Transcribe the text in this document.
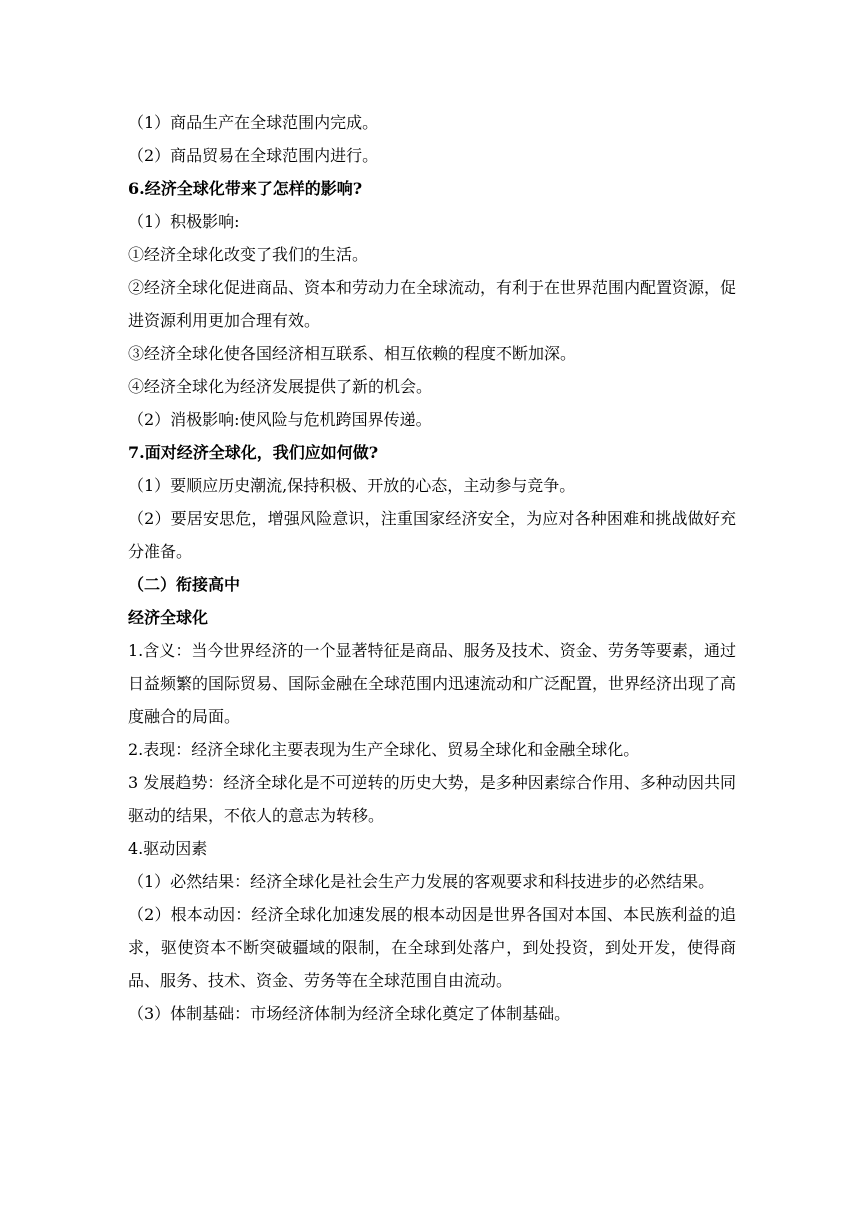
（1）商品生产在全球范围内完成。

（2）商品贸易在全球范围内进行。

6.经济全球化带来了怎样的影响?

（1）积极影响:

①经济全球化改变了我们的生活。

②经济全球化促进商品、资本和劳动力在全球流动，有利于在世界范围内配置资源，促进资源利用更加合理有效。

③经济全球化使各国经济相互联系、相互依赖的程度不断加深。

④经济全球化为经济发展提供了新的机会。

（2）消极影响:使风险与危机跨国界传递。

7.面对经济全球化，我们应如何做?

（1）要顺应历史潮流,保持积极、开放的心态，主动参与竞争。

（2）要居安思危，增强风险意识，注重国家经济安全，为应对各种困难和挑战做好充分准备。

（二）衔接高中

经济全球化

1.含义：当今世界经济的一个显著特征是商品、服务及技术、资金、劳务等要素，通过日益频繁的国际贸易、国际金融在全球范围内迅速流动和广泛配置，世界经济出现了高度融合的局面。

2.表现：经济全球化主要表现为生产全球化、贸易全球化和金融全球化。

3 发展趋势：经济全球化是不可逆转的历史大势，是多种因素综合作用、多种动因共同驱动的结果，不依人的意志为转移。

4.驱动因素

（1）必然结果：经济全球化是社会生产力发展的客观要求和科技进步的必然结果。

（2）根本动因：经济全球化加速发展的根本动因是世界各国对本国、本民族利益的追求，驱使资本不断突破疆域的限制，在全球到处落户，到处投资，到处开发，使得商品、服务、技术、资金、劳务等在全球范围自由流动。

（3）体制基础：市场经济体制为经济全球化奠定了体制基础。
